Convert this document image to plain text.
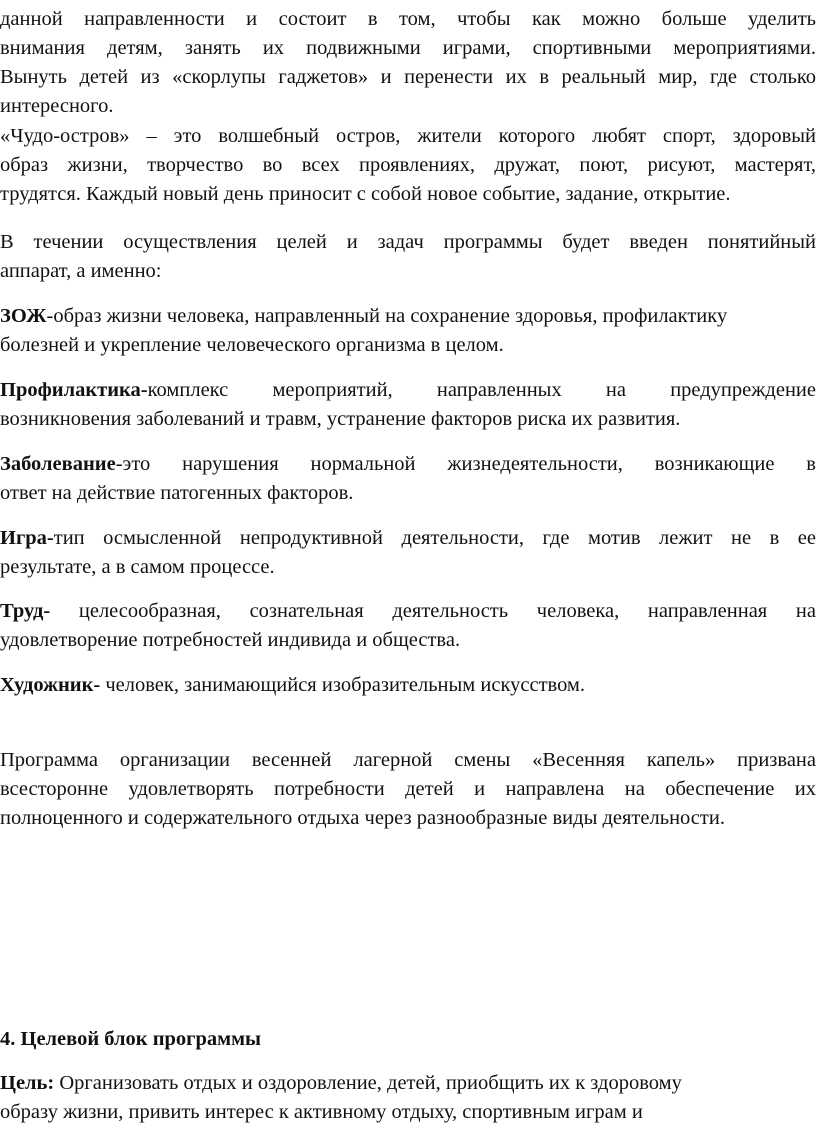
данной направленности и состоит в том, чтобы как можно больше уделить
внимания детям, занять их подвижными играми, спортивными мероприятиями.
Вынуть детей из «скорлупы гаджетов» и перенести их в реальный мир, где столько
интересного.
«Чудо-остров» – это волшебный остров, жители которого любят спорт, здоровый
образ жизни, творчество во всех проявлениях, дружат, поют, рисуют, мастерят,
трудятся. Каждый новый день приносит с собой новое событие, задание, открытие.
В течении осуществления целей и задач программы будет введен понятийный
аппарат, а именно:
ЗОЖ-образ жизни человека, направленный на сохранение здоровья, профилактику
болезней и укрепление человеческого организма в целом.
Профилактика-комплекс мероприятий, направленных на предупреждение
возникновения заболеваний и травм, устранение факторов риска их развития.
Заболевание-это нарушения нормальной жизнедеятельности, возникающие в
ответ на действие патогенных факторов.
Игра-тип осмысленной непродуктивной деятельности, где мотив лежит не в ее
результате, а в самом процессе.
Труд- целесообразная, сознательная деятельность человека, направленная на
удовлетворение потребностей индивида и общества.
Художник- человек, занимающийся изобразительным искусством.
Программа организации весенней лагерной смены «Весенняя капель» призвана
всесторонне удовлетворять потребности детей и направлена на обеспечение их
полноценного и содержательного отдыха через разнообразные виды деятельности.
4. Целевой блок программы
Цель: Организовать отдых и оздоровление, детей, приобщить их к здоровому
образу жизни, привить интерес к активному отдыху, спортивным играм и
